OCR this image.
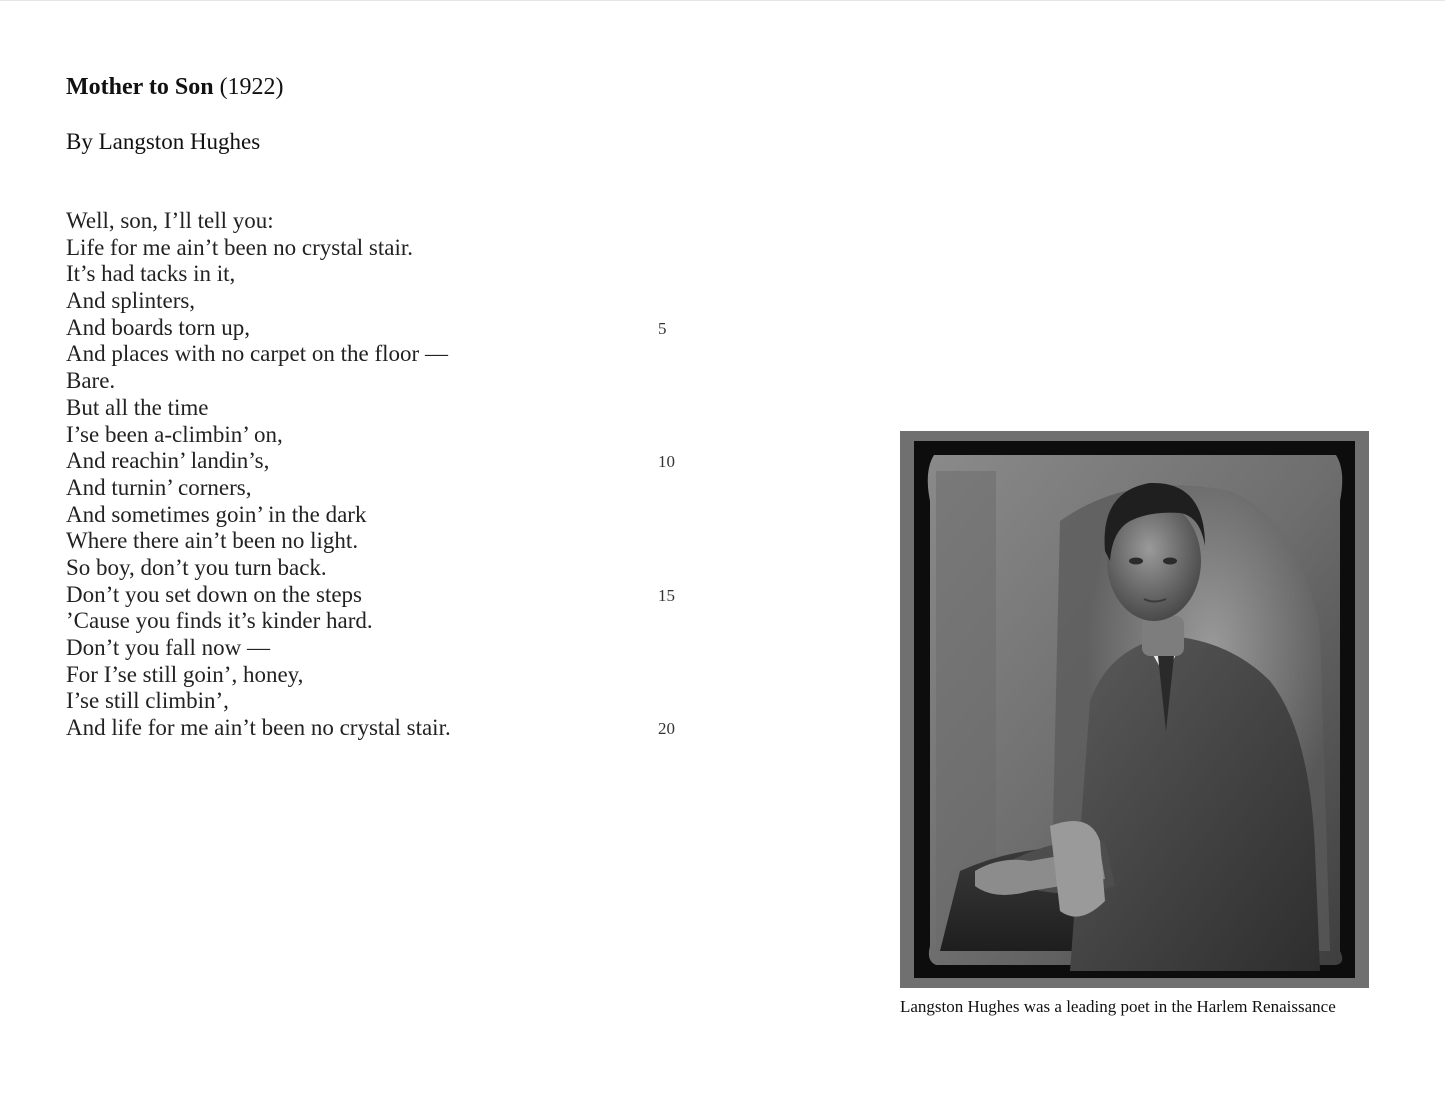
Mother to Son (1922)
By Langston Hughes
Well, son, I’ll tell you:
Life for me ain’t been no crystal stair.
It’s had tacks in it,
And splinters,
And boards torn up,	5
And places with no carpet on the floor —
Bare.
But all the time
I’se been a-climbin’ on,
And reachin’ landin’s,	10
And turnin’ corners,
And sometimes goin’ in the dark
Where there ain’t been no light.
So boy, don’t you turn back.
Don’t you set down on the steps	15
’Cause you finds it’s kinder hard.
Don’t you fall now —
For I’se still goin’, honey,
I’se still climbin’,
And life for me ain’t been no crystal stair.	20
Langston Hughes was a leading poet in the Harlem Renaissance
